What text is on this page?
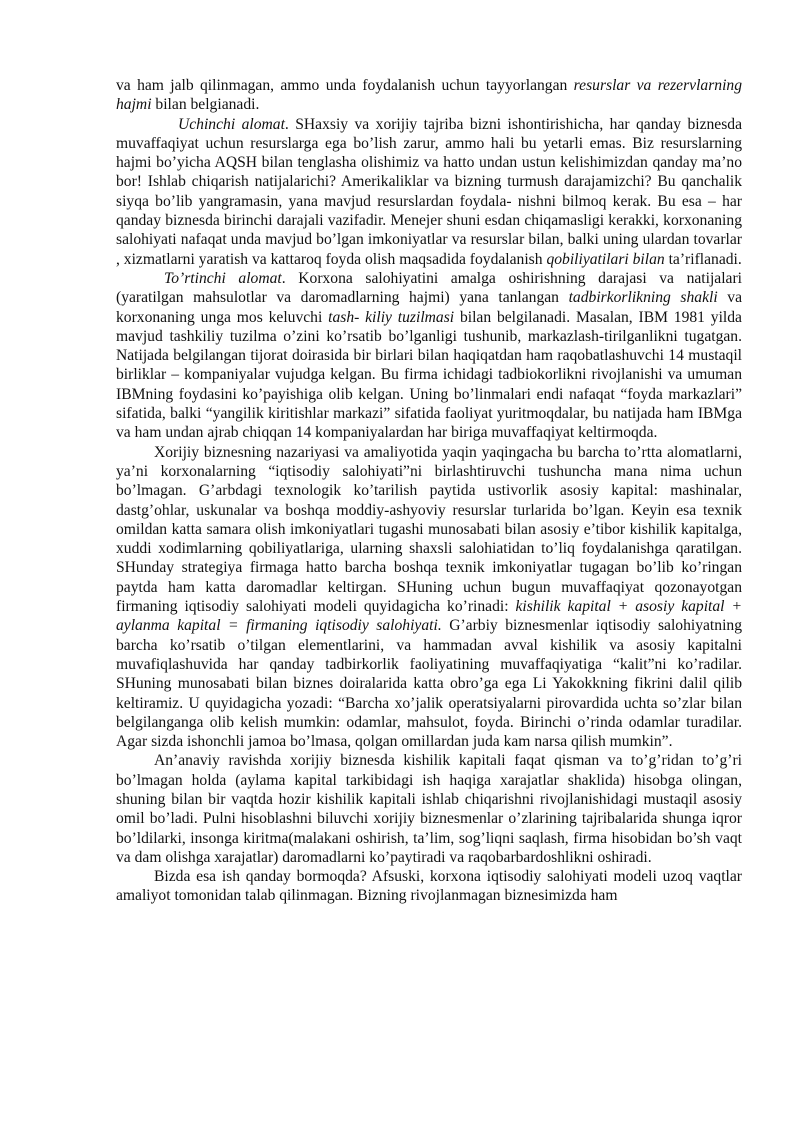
va ham jalb qilinmagan, ammo unda foydalanish uchun tayyorlangan resurslar va rezervlarning hajmi bilan belgianadi.

Uchinchi alomat. SHaxsiy va xorijiy tajriba bizni ishontirishicha, har qanday biznesda muvaffaqiyat uchun resurslarga ega bo’lish zarur, ammo hali bu yetarli emas. Biz resurslarning hajmi bo’yicha AQSH bilan tenglasha olishimiz va hatto undan ustun kelishimizdan qanday ma’no bor! Ishlab chiqarish natijalarichi? Amerikaliklar va bizning turmush darajamizchi? Bu qanchalik siyqa bo’lib yangramasin, yana mavjud resurslardan foydala- nishni bilmoq kerak. Bu esa – har qanday biznesda birinchi darajali vazifadir. Menejer shuni esdan chiqamasligi kerakki, korxonaning salohiyati nafaqat unda mavjud bo’lgan imkoniyatlar va resurslar bilan, balki uning ulardan tovarlar , xizmatlarni yaratish va kattaroq foyda olish maqsadida foydalanish qobiliyatilari bilan ta’riflanadi.

To’rtinchi alomat. Korxona salohiyatini amalga oshirishning darajasi va natijalari (yaratilgan mahsulotlar va daromadlarning hajmi) yana tanlangan tadbirkorlikning shakli va korxonaning unga mos keluvchi tash- kiliy tuzilmasi bilan belgilanadi. Masalan, IBM 1981 yilda mavjud tashkiliy tuzilma o’zini ko’rsatib bo’lganligi tushunib, markazlash-tirilganlikni tugatgan. Natijada belgilangan tijorat doirasida bir birlari bilan haqiqatdan ham raqobatlashuvchi 14 mustaqil birliklar – kompaniyalar vujudga kelgan. Bu firma ichidagi tadbiokorlikni rivojlanishi va umuman IBMning foydasini ko’payishiga olib kelgan. Uning bo’linmalari endi nafaqat “foyda markazlari” sifatida, balki “yangilik kiritishlar markazi” sifatida faoliyat yuritmoqdalar, bu natijada ham IBMga va ham undan ajrab chiqqan 14 kompaniyalardan har biriga muvaffaqiyat keltirmoqda.

Xorijiy biznesning nazariyasi va amaliyotida yaqin yaqingacha bu barcha to’rtta alomatlarni, ya’ni korxonalarning “iqtisodiy salohiyati”ni birlashtiruvchi tushuncha mana nima uchun bo’lmagan. G’arbdagi texnologik ko’tarilish paytida ustivorlik asosiy kapital: mashinalar, dastg’ohlar, uskunalar va boshqa moddiy-ashyoviy resurslar turlarida bo’lgan. Keyin esa texnik omildan katta samara olish imkoniyatlari tugashi munosabati bilan asosiy e’tibor kishilik kapitalga, xuddi xodimlarning qobiliyatlariga, ularning shaxsli salohiatidan to’liq foydalanishga qaratilgan. SHunday strategiya firmaga hatto barcha boshqa texnik imkoniyatlar tugagan bo’lib ko’ringan paytda ham katta daromadlar keltirgan. SHuning uchun bugun muvaffaqiyat qozonayotgan firmaning iqtisodiy salohiyati modeli quyidagicha ko’rinadi: kishilik kapital + asosiy kapital + aylanma kapital = firmaning iqtisodiy salohiyati. G’arbiy biznesmenlar iqtisodiy salohiyatning barcha ko’rsatib o’tilgan elementlarini, va hammadan avval kishilik va asosiy kapitalni muvafiqlashuvida har qanday tadbirkorlik faoliyatining muvaffaqiyatiga “kalit”ni ko’radilar. SHuning munosabati bilan biznes doiralarida katta obro’ga ega Li Yakokkning fikrini dalil qilib keltiramiz. U quyidagicha yozadi: “Barcha xo’jalik operatsiyalarni pirovardida uchta so’zlar bilan belgilanganga olib kelish mumkin: odamlar, mahsulot, foyda. Birinchi o’rinda odamlar turadilar. Agar sizda ishonchli jamoa bo’lmasa, qolgan omillardan juda kam narsa qilish mumkin”.

An’anaviy ravishda xorijiy biznesda kishilik kapitali faqat qisman va to’g’ridan to’g’ri bo’lmagan holda (aylama kapital tarkibidagi ish haqiga xarajatlar shaklida) hisobga olingan, shuning bilan bir vaqtda hozir kishilik kapitali ishlab chiqarishni rivojlanishidagi mustaqil asosiy omil bo’ladi. Pulni hisoblashni biluvchi xorijiy biznesmenlar o’zlarining tajribalarida shunga iqror bo’ldilarki, insonga kiritma(malakani oshirish, ta’lim, sog’liqni saqlash, firma hisobidan bo’sh vaqt va dam olishga xarajatlar) daromadlarni ko’paytiradi va raqobarbardoshlikni oshiradi.

Bizda esa ish qanday bormoqda? Afsuski, korxona iqtisodiy salohiyati modeli uzoq vaqtlar amaliyot tomonidan talab qilinmagan. Bizning rivojlanmagan biznesimizda ham
